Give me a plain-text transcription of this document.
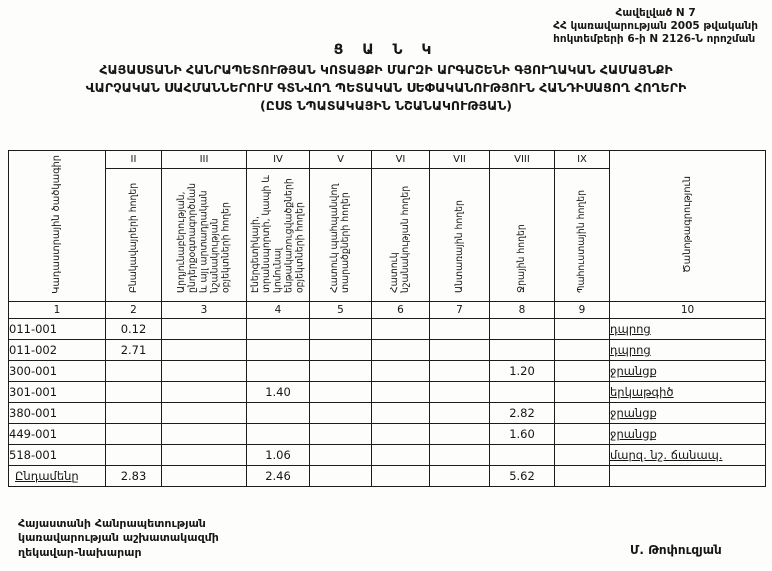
Հավելված N 7
ՀՀ կառավարության 2005 թվականի
հոկտեմբերի 6-ի N 2126-Ն որոշման
Ց Ա Ն Կ
ՀԱՅԱՍՏԱՆԻ ՀԱՆՐԱՊԵՏՈՒԹՅԱՆ ԿՈՏԱՅՔԻ ՄԱՐԶԻ ԱՐԳԱՇԵՆԻ ԳՅՈՒՂԱԿԱՆ ՀԱՄԱՅՆՔԻ
ՎԱՐՉԱԿԱՆ ՍԱՀՄԱՆՆԵՐՈՒՄ ԳՏՆՎՈՂ ՊԵՏԱԿԱՆ ՍԵՓԱԿԱՆՈՒԹՅՈՒՆ ՀԱՆԴԻՍԱՑՈՂ ՀՈՂԵՐԻ
(ԸՍՏ ՆՊԱՏԱԿԱՅԻՆ ՆՇԱՆԱԿՈՒԹՅԱՆ)
Կադաստրային ծածկագիր	II	III	IV	V	VI	VII	VIII	IX	Ծանոթագրություն
	Բնակավայրերի հողեր	Արդյունաբերության, ընդերքօգտագործման և այլ արտադրական նշանակության օբյեկտների հողեր	Էներգետիկայի, տրանսպորտի, կապի և կոմունալ ենթակառուցվածքների օբյեկտների հողեր	Հատուկ պահպանվող տարածքների հողեր	Հատուկ նշանակության հողեր	Անտառային հողեր	Ջրային հողեր	Պահուստային հողեր	
1	2	3	4	5	6	7	8	9	10
011-001	0.12								դպրոց
011-002	2.71								դպրոց
300-001							1.20		ջրանցք
301-001			1.40						երկաթգիծ
380-001							2.82		ջրանցք
449-001							1.60		ջրանցք
518-001			1.06						մարզ. նշ. ճանապ.
Ընդամենը	2.83		2.46				5.62		
Հայաստանի Հանրապետության
կառավարության աշխատակազմի
ղեկավար-նախարար	Մ. Թոփուզյան
